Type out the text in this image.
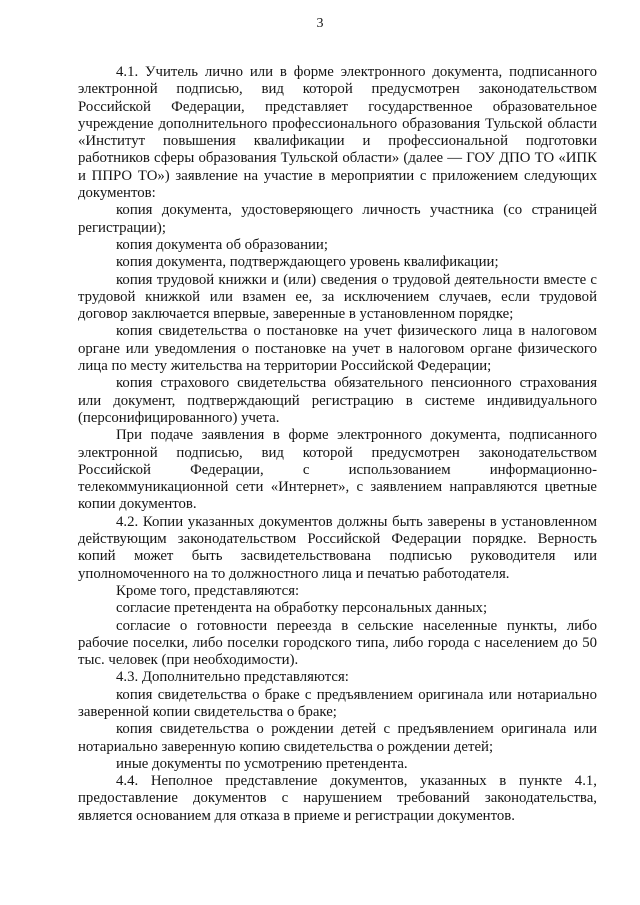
3

4.1. Учитель лично или в форме электронного документа, подписанного электронной подписью, вид которой предусмотрен законодательством Российской Федерации, представляет государственное образовательное учреждение дополнительного профессионального образования Тульской области «Институт повышения квалификации и профессиональной подготовки работников сферы образования Тульской области» (далее — ГОУ ДПО ТО «ИПК и ППРО ТО») заявление на участие в мероприятии с приложением следующих документов:

копия документа, удостоверяющего личность участника (со страницей регистрации);

копия документа об образовании;

копия документа, подтверждающего уровень квалификации;

копия трудовой книжки и (или) сведения о трудовой деятельности вместе с трудовой книжкой или взамен ее, за исключением случаев, если трудовой договор заключается впервые, заверенные в установленном порядке;

копия свидетельства о постановке на учет физического лица в налоговом органе или уведомления о постановке на учет в налоговом органе физического лица по месту жительства на территории Российской Федерации;

копия страхового свидетельства обязательного пенсионного страхования или документ, подтверждающий регистрацию в системе индивидуального (персонифицированного) учета.

При подаче заявления в форме электронного документа, подписанного электронной подписью, вид которой предусмотрен законодательством Российской Федерации, с использованием информационно-телекоммуникационной сети «Интернет», с заявлением направляются цветные копии документов.

4.2. Копии указанных документов должны быть заверены в установленном действующим законодательством Российской Федерации порядке. Верность копий может быть засвидетельствована подписью руководителя или уполномоченного на то должностного лица и печатью работодателя.

Кроме того, представляются:

согласие претендента на обработку персональных данных;

согласие о готовности переезда в сельские населенные пункты, либо рабочие поселки, либо поселки городского типа, либо города с населением до 50 тыс. человек (при необходимости).

4.3. Дополнительно представляются:

копия свидетельства о браке с предъявлением оригинала или нотариально заверенной копии свидетельства о браке;

копия свидетельства о рождении детей с предъявлением оригинала или нотариально заверенную копию свидетельства о рождении детей;

иные документы по усмотрению претендента.

4.4. Неполное представление документов, указанных в пункте 4.1, предоставление документов с нарушением требований законодательства, является основанием для отказа в приеме и регистрации документов.
